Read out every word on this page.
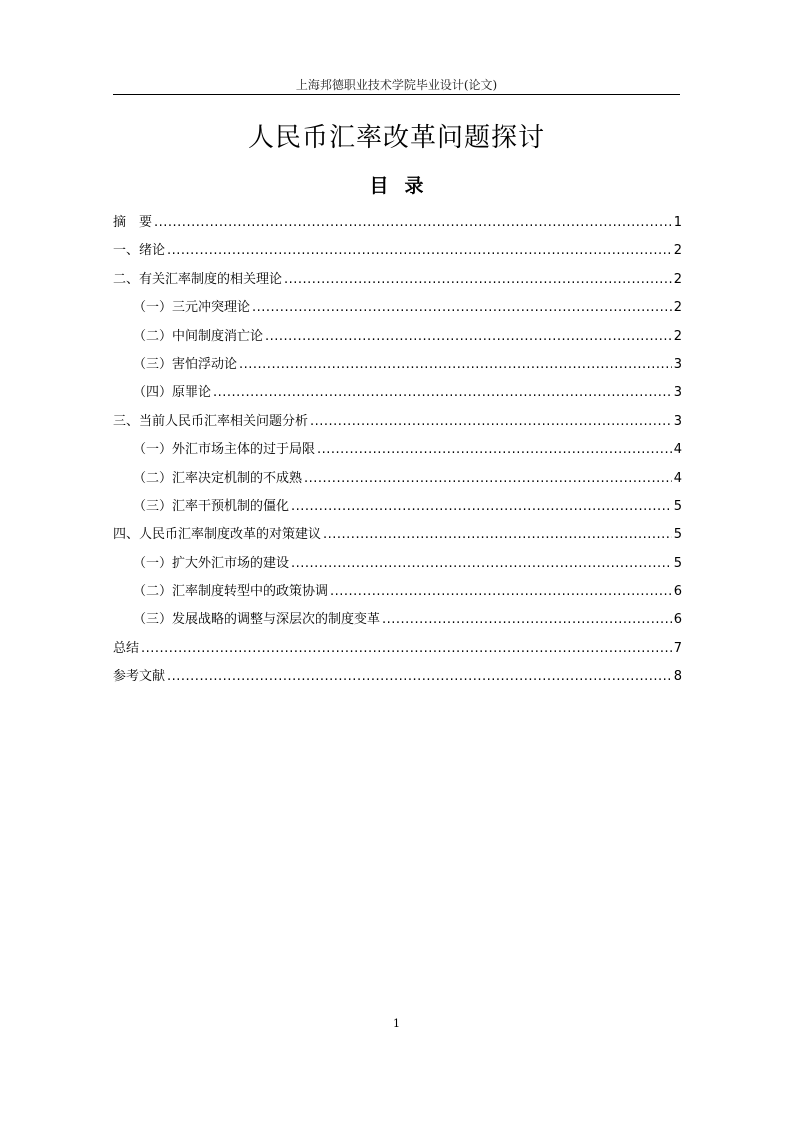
上海邦德职业技术学院毕业设计(论文)
人民币汇率改革问题探讨
目录
摘　要 .....	1
一、绪论 .....	2
二、有关汇率制度的相关理论 .....	2
（一）三元冲突理论 .....	2
（二）中间制度消亡论 .....	2
（三）害怕浮动论 .....	3
（四）原罪论 .....	3
三、当前人民币汇率相关问题分析 .....	3
（一）外汇市场主体的过于局限 .....	4
（二）汇率决定机制的不成熟 .....	4
（三）汇率干预机制的僵化 .....	5
四、人民币汇率制度改革的对策建议 .....	5
（一）扩大外汇市场的建设 .....	5
（二）汇率制度转型中的政策协调 .....	6
（三）发展战略的调整与深层次的制度变革 .....	6
总结 .....	7
参考文献 .....	8
1
